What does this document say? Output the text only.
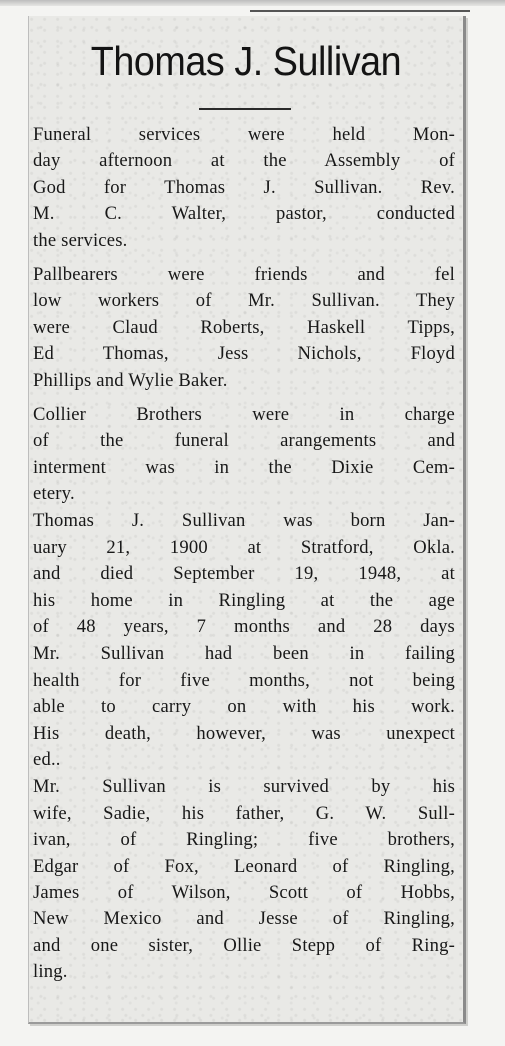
Thomas J. Sullivan
Funeral services were held Mon-
day afternoon at the Assembly of
God for Thomas J. Sullivan. Rev.
M. C. Walter, pastor, conducted
the services.
Pallbearers were friends and fel
low workers of Mr. Sullivan. They
were Claud Roberts, Haskell Tipps,
Ed Thomas, Jess Nichols, Floyd
Phillips and Wylie Baker.
Collier Brothers were in charge
of the funeral arangements and
interment was in the Dixie Cem-
etery.
Thomas J. Sullivan was born Jan-
uary 21, 1900 at Stratford, Okla.
and died September 19, 1948, at
his home in Ringling at the age
of 48 years, 7 months and 28 days
Mr. Sullivan had been in failing
health for five months, not being
able to carry on with his work.
His death, however, was unexpect
ed..
Mr. Sullivan is survived by his
wife, Sadie, his father, G. W. Sull-
ivan, of Ringling; five brothers,
Edgar of Fox, Leonard of Ringling,
James of Wilson, Scott of Hobbs,
New Mexico and Jesse of Ringling,
and one sister, Ollie Stepp of Ring-
ling.
